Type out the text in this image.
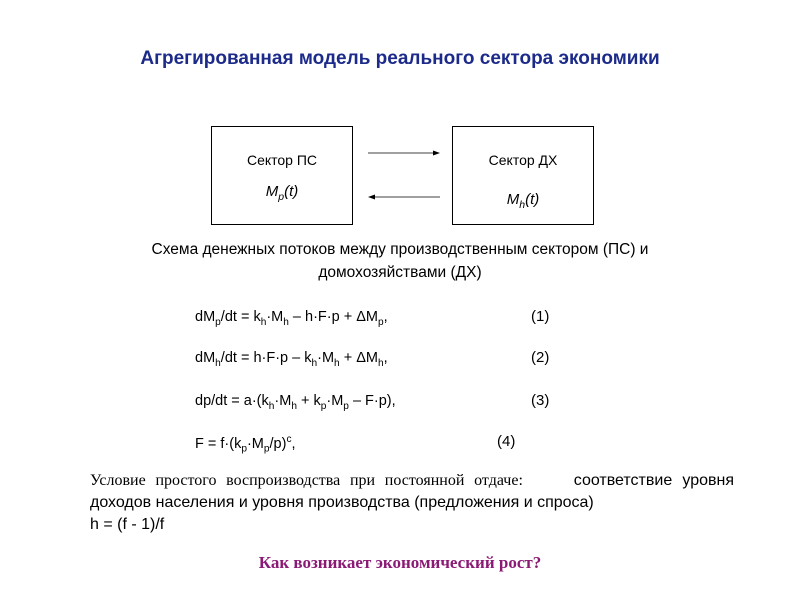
Агрегированная модель реального сектора экономики
Сектор ПС
$M_p(t)$
Сектор ДХ
$M_h(t)$
Схема денежных потоков между производственным сектором (ПС) и
домохозяйствами (ДХ)
$dM_p/dt = k_h\cdot M_h - h\cdot F\cdot p + \Delta M_p$,	(1)
$dM_h/dt = h\cdot F\cdot p - k_h\cdot M_h + \Delta M_h$,	(2)
$dp/dt = a\cdot(k_h\cdot M_h + k_p\cdot M_p - F\cdot p)$,	(3)
$F = f\cdot(k_p\cdot M_p/p)^c$,	(4)
Условие простого воспроизводства при постоянной отдаче:	соответствие уровня доходов населения и уровня производства (предложения и спроса)
h = (f - 1)/f
Как возникает экономический рост?
